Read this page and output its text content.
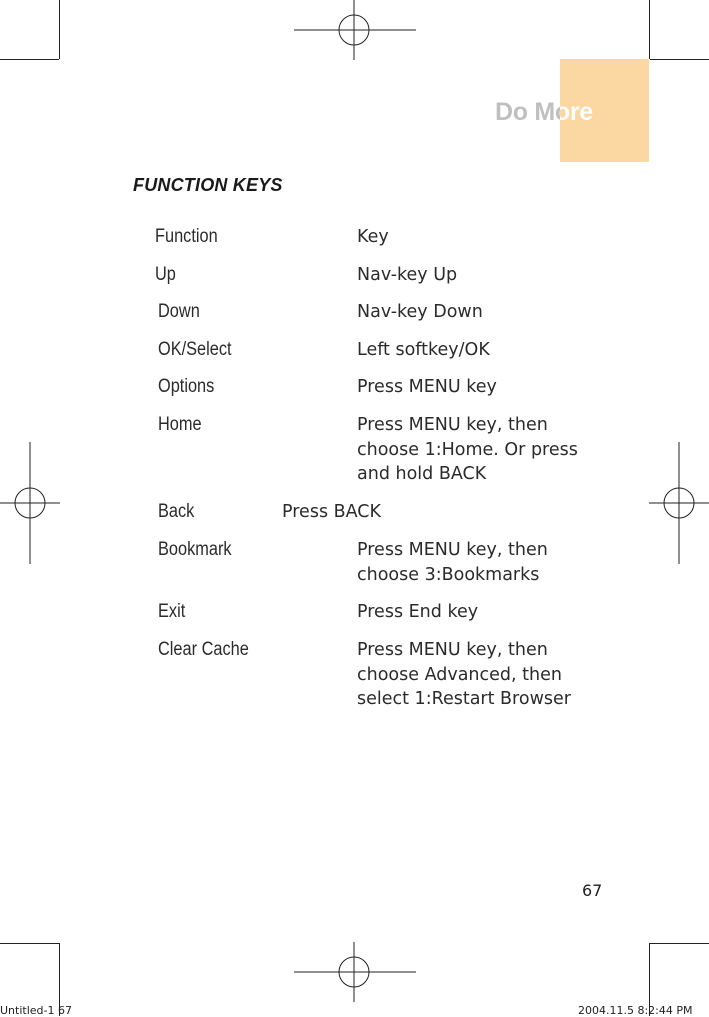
Do More
FUNCTION KEYS
Function	Key
Up	Nav-key Up
Down	Nav-key Down
OK/Select	Left softkey/OK
Options	Press MENU key
Home	Press MENU key, then
choose 1:Home. Or press
and hold BACK
Back	Press BACK
Bookmark	Press MENU key, then
choose 3:Bookmarks
Exit	Press End key
Clear Cache	Press MENU key, then
choose Advanced, then
select 1:Restart Browser
67
Untitled-1 67	2004.11.5 8:2:44 PM
